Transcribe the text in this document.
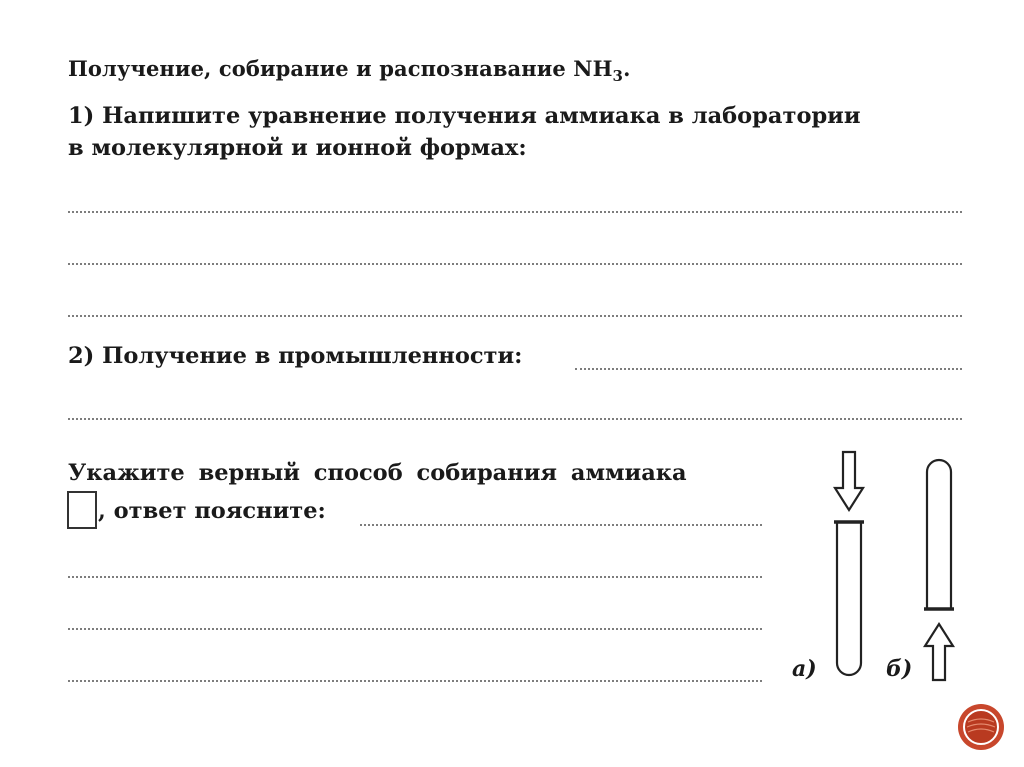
Получение, собирание и распознавание $NH_3$.
1) Напишите уравнение получения аммиака в лаборатории
в молекулярной и ионной формах:
2) Получение в промышленности:
Укажите верный способ собирания аммиака
, ответ поясните:
а)	б)
